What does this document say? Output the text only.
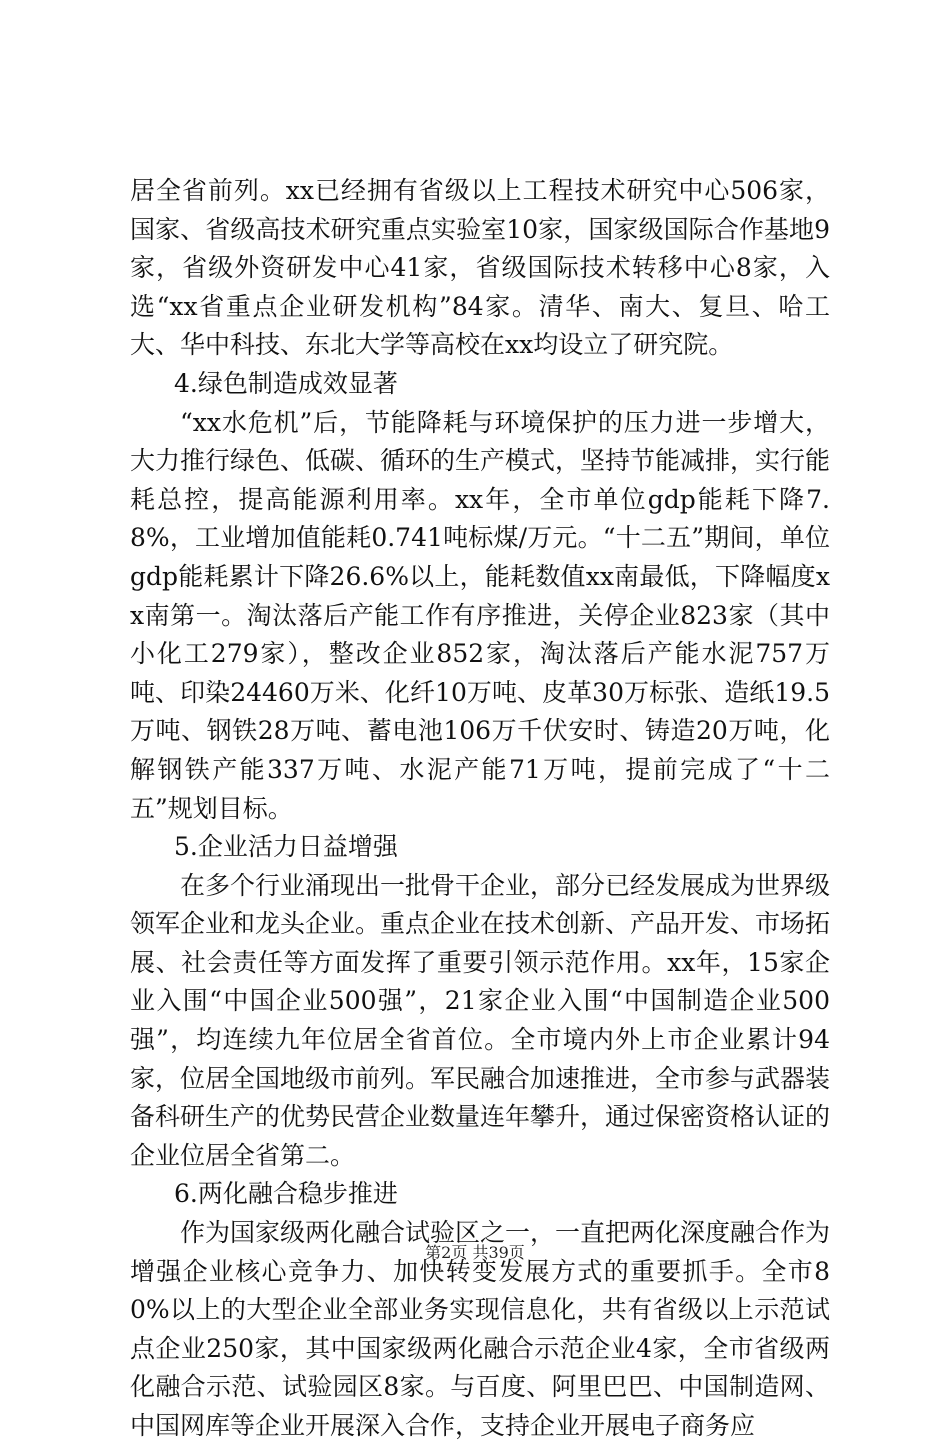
居全省前列。xx已经拥有省级以上工程技术研究中心506家，国家、省级高技术研究重点实验室10家，国家级国际合作基地9家，省级外资研发中心41家，省级国际技术转移中心8家，入选“xx省重点企业研发机构”84家。清华、南大、复旦、哈工大、华中科技、东北大学等高校在xx均设立了研究院。

4.绿色制造成效显著

“xx水危机”后，节能降耗与环境保护的压力进一步增大，大力推行绿色、低碳、循环的生产模式，坚持节能减排，实行能耗总控，提高能源利用率。xx年，全市单位gdp能耗下降7.8%，工业增加值能耗0.741吨标煤/万元。“十二五”期间，单位gdp能耗累计下降26.6%以上，能耗数值xx南最低，下降幅度xx南第一。淘汰落后产能工作有序推进，关停企业823家（其中小化工279家），整改企业852家，淘汰落后产能水泥757万吨、印染24460万米、化纤10万吨、皮革30万标张、造纸19.5万吨、钢铁28万吨、蓄电池106万千伏安时、铸造20万吨，化解钢铁产能337万吨、水泥产能71万吨，提前完成了“十二五”规划目标。

5.企业活力日益增强

在多个行业涌现出一批骨干企业，部分已经发展成为世界级领军企业和龙头企业。重点企业在技术创新、产品开发、市场拓展、社会责任等方面发挥了重要引领示范作用。xx年，15家企业入围“中国企业500强”，21家企业入围“中国制造企业500强”，均连续九年位居全省首位。全市境内外上市企业累计94家，位居全国地级市前列。军民融合加速推进，全市参与武器装备科研生产的优势民营企业数量连年攀升，通过保密资格认证的企业位居全省第二。

6.两化融合稳步推进

作为国家级两化融合试验区之一，一直把两化深度融合作为增强企业核心竞争力、加快转变发展方式的重要抓手。全市80%以上的大型企业全部业务实现信息化，共有省级以上示范试点企业250家，其中国家级两化融合示范企业4家，全市省级两化融合示范、试验园区8家。与百度、阿里巴巴、中国制造网、中国网库等企业开展深入合作，支持企业开展电子商务应

第2页 共39页
